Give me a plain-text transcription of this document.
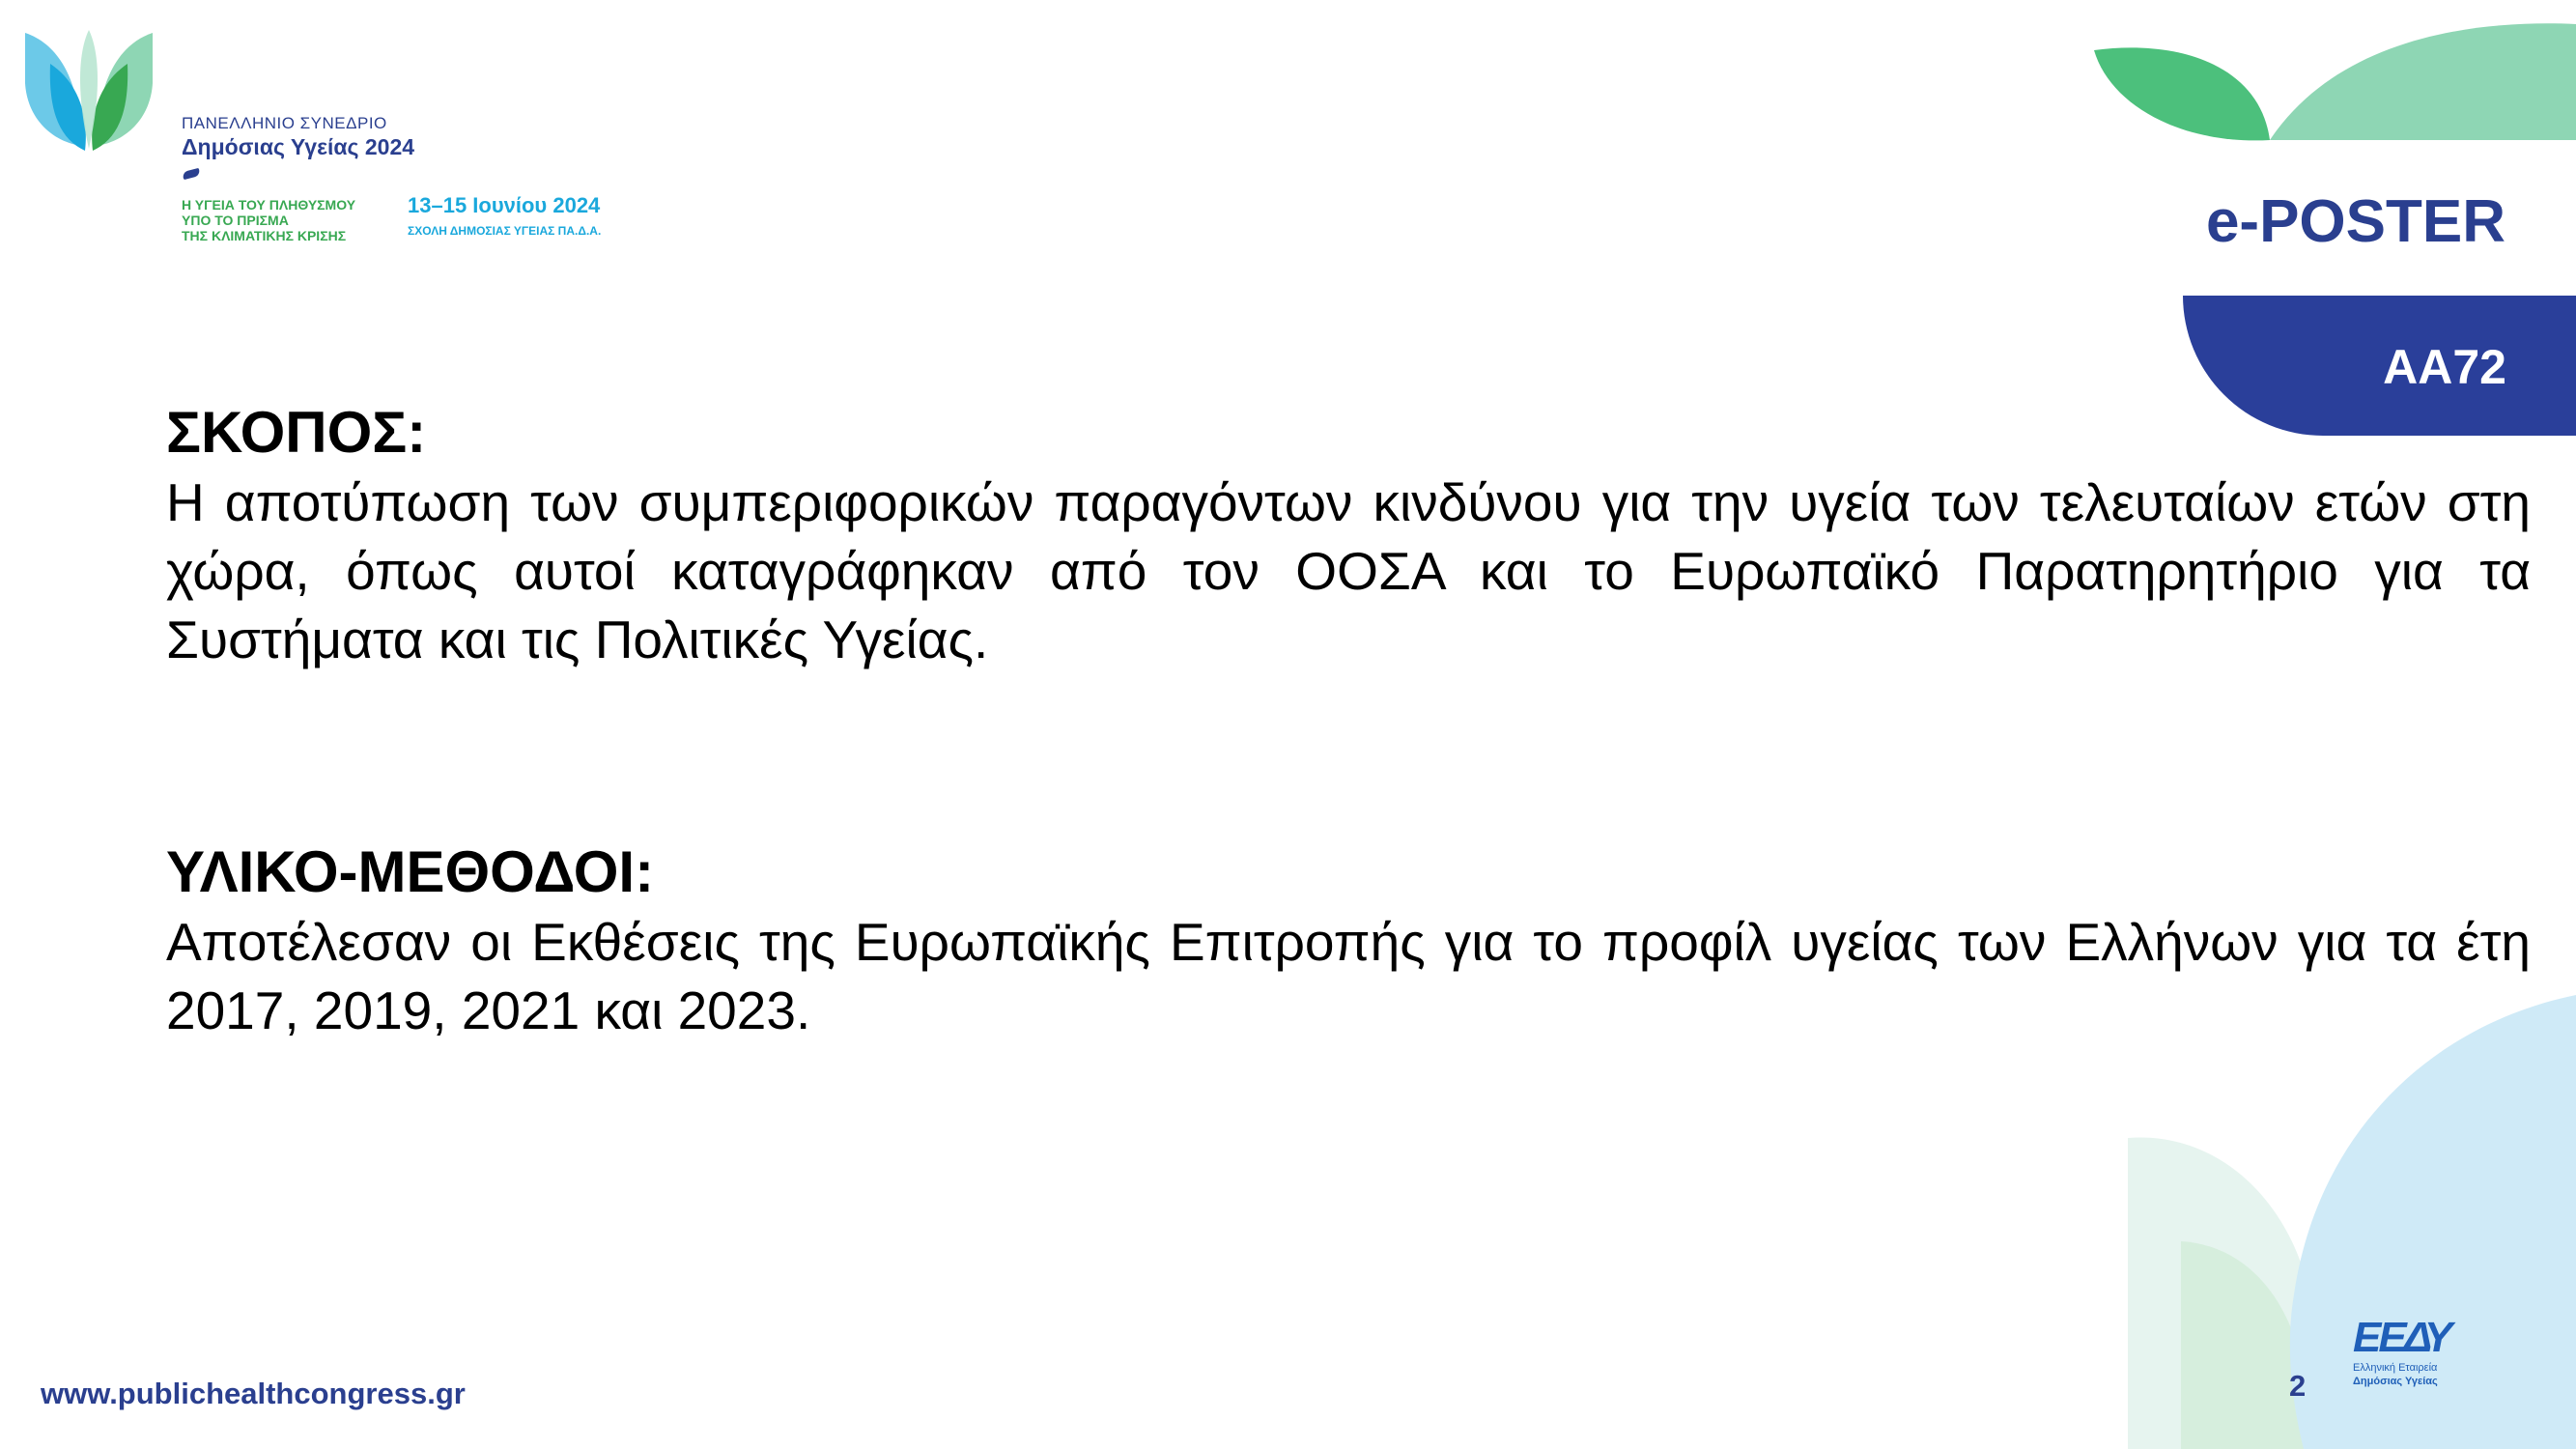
ΠΑΝΕΛΛΗΝΙΟ ΣΥΝΕΔΡΙΟ
Δημόσιας Υγείας 2024
Η ΥΓΕΙΑ ΤΟΥ ΠΛΗΘΥΣΜΟΥ
ΥΠΟ ΤΟ ΠΡΙΣΜΑ
ΤΗΣ ΚΛΙΜΑΤΙΚΗΣ ΚΡΙΣΗΣ
13–15 Ιουνίου 2024
ΣΧΟΛΗ ΔΗΜΟΣΙΑΣ ΥΓΕΙΑΣ ΠΑ.Δ.Α.	e-POSTER
AA72

ΣΚΟΠΟΣ:

Η αποτύπωση των συμπεριφορικών παραγόντων κινδύνου για την υγεία των τελευταίων ετών στη χώρα, όπως αυτοί καταγράφηκαν από τον ΟΟΣΑ και το Ευρωπαϊκό Παρατηρητήριο για τα Συστήματα και τις Πολιτικές Υγείας.

ΥΛΙΚΟ-ΜΕΘΟΔΟΙ:

Αποτέλεσαν οι Εκθέσεις της Ευρωπαϊκής Επιτροπής για το προφίλ υγείας των Ελλήνων για τα έτη 2017, 2019, 2021 και 2023.

www.publichealthcongress.gr	2
ΕΕΔΥ
Ελληνική Εταιρεία
Δημόσιας Υγείας
